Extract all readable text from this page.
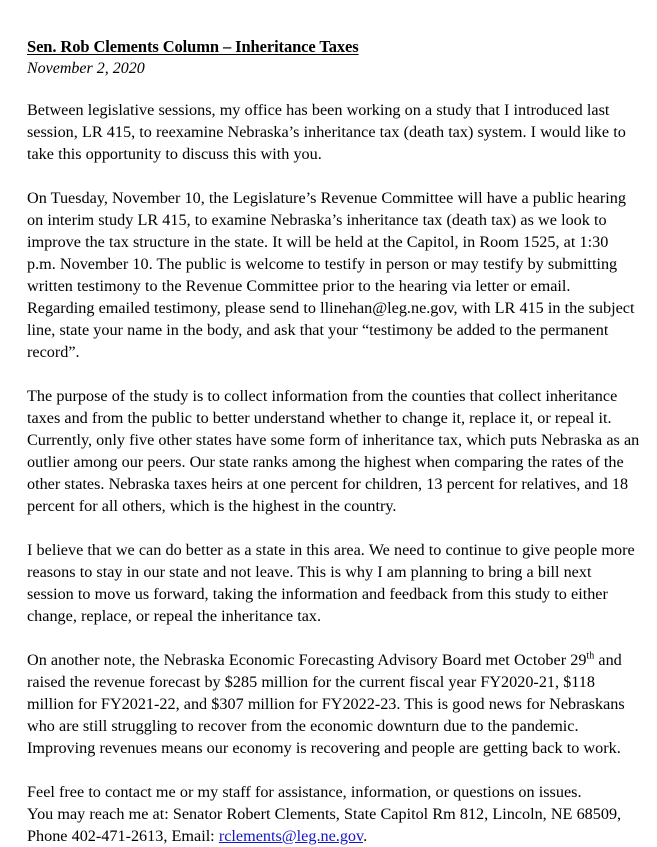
Sen. Rob Clements Column – Inheritance Taxes
November 2, 2020

Between legislative sessions, my office has been working on a study that I introduced last session, LR 415, to reexamine Nebraska’s inheritance tax (death tax) system. I would like to take this opportunity to discuss this with you.

On Tuesday, November 10, the Legislature’s Revenue Committee will have a public hearing on interim study LR 415, to examine Nebraska’s inheritance tax (death tax) as we look to improve the tax structure in the state. It will be held at the Capitol, in Room 1525, at 1:30 p.m. November 10. The public is welcome to testify in person or may testify by submitting written testimony to the Revenue Committee prior to the hearing via letter or email. Regarding emailed testimony, please send to llinehan@leg.ne.gov, with LR 415 in the subject line, state your name in the body, and ask that your “testimony be added to the permanent record”.

The purpose of the study is to collect information from the counties that collect inheritance taxes and from the public to better understand whether to change it, replace it, or repeal it. Currently, only five other states have some form of inheritance tax, which puts Nebraska as an outlier among our peers. Our state ranks among the highest when comparing the rates of the other states. Nebraska taxes heirs at one percent for children, 13 percent for relatives, and 18 percent for all others, which is the highest in the country.

I believe that we can do better as a state in this area. We need to continue to give people more reasons to stay in our state and not leave. This is why I am planning to bring a bill next session to move us forward, taking the information and feedback from this study to either change, replace, or repeal the inheritance tax.

On another note, the Nebraska Economic Forecasting Advisory Board met October 29th and raised the revenue forecast by $285 million for the current fiscal year FY2020-21, $118 million for FY2021-22, and $307 million for FY2022-23. This is good news for Nebraskans who are still struggling to recover from the economic downturn due to the pandemic. Improving revenues means our economy is recovering and people are getting back to work.

Feel free to contact me or my staff for assistance, information, or questions on issues.

You may reach me at: Senator Robert Clements, State Capitol Rm 812, Lincoln, NE 68509,

Phone 402-471-2613, Email: rclements@leg.ne.gov.
